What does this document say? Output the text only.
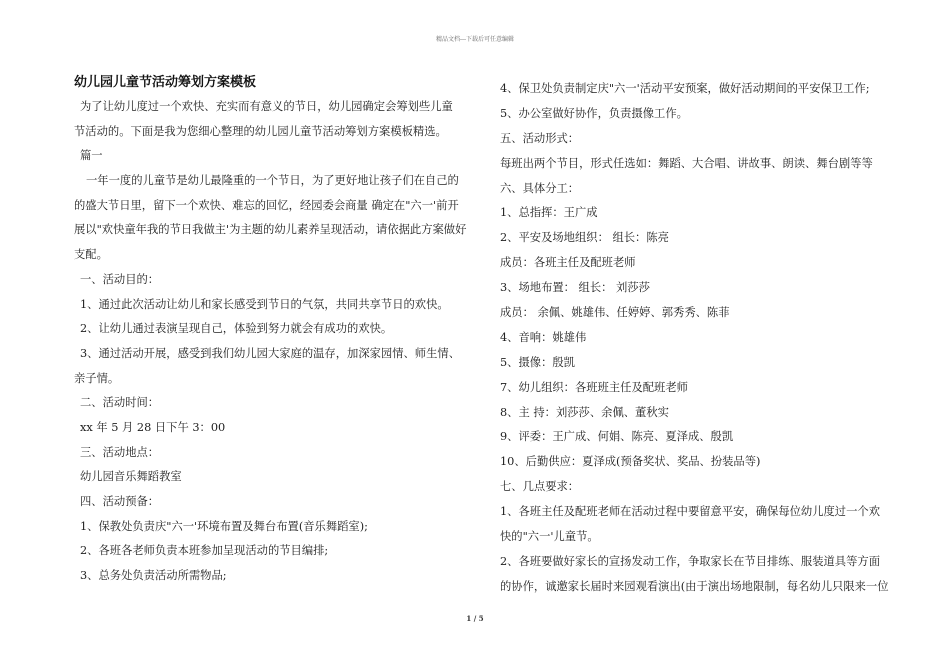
精品文档---下载后可任意编辑
幼儿园儿童节活动筹划方案模板
为了让幼儿度过一个欢快、充实而有意义的节日，幼儿园确定会筹划些儿童
节活动的。下面是我为您细心整理的幼儿园儿童节活动筹划方案模板精选。
篇一
一年一度的儿童节是幼儿最隆重的一个节日，为了更好地让孩子们在自己的
的盛大节日里，留下一个欢快、难忘的回忆，经园委会商量 确定在"六一'前开
展以"欢快童年我的节日我做主'为主题的幼儿素养呈现活动，请依据此方案做好
支配。
一、活动目的：
1、通过此次活动让幼儿和家长感受到节日的气氛，共同共享节日的欢快。
2、让幼儿通过表演呈现自己，体验到努力就会有成功的欢快。
3、通过活动开展，感受到我们幼儿园大家庭的温存，加深家园情、师生情、
亲子情。
二、活动时间：
xx 年 5 月 28 日下午 3：00
三、活动地点：
幼儿园音乐舞蹈教室
四、活动预备：
1、保教处负责庆"六一'环境布置及舞台布置(音乐舞蹈室);
2、各班各老师负责本班参加呈现活动的节目编排;
3、总务处负责活动所需物品;
4、保卫处负责制定庆"六一'活动平安预案，做好活动期间的平安保卫工作;
5、办公室做好协作，负责摄像工作。
五、活动形式：
每班出两个节目，形式任选如：舞蹈、大合唱、讲故事、朗读、舞台剧等等
六、具体分工：
1、总指挥：王广成
2、平安及场地组织： 组长：陈亮
成员：各班主任及配班老师
3、场地布置： 组长： 刘莎莎
成员： 余佩、姚雄伟、任婷婷、郭秀秀、陈菲
4、音响：姚雄伟
5、摄像：殷凯
7、幼儿组织：各班班主任及配班老师
8、主 持：刘莎莎、余佩、董秋实
9、评委：王广成、何娟、陈亮、夏泽成、殷凯
10、后勤供应：夏泽成(预备奖状、奖品、扮装品等)
七、几点要求：
1、各班主任及配班老师在活动过程中要留意平安，确保每位幼儿度过一个欢
快的"六一'儿童节。
2、各班要做好家长的宣扬发动工作，争取家长在节目排练、服装道具等方面
的协作，诚邀家长届时来园观看演出(由于演出场地限制，每名幼儿只限来一位
1 / 5
